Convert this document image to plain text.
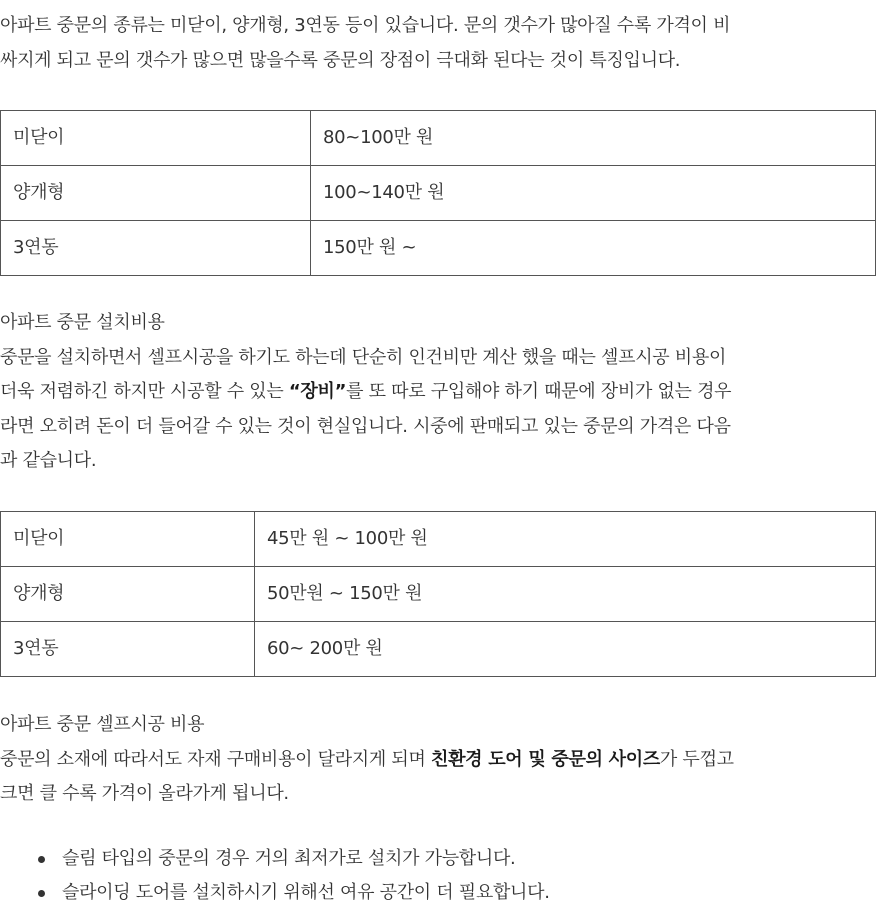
아파트 중문의 종류는 미닫이, 양개형, 3연동 등이 있습니다. 문의 갯수가 많아질 수록 가격이 비

싸지게 되고 문의 갯수가 많으면 많을수록 중문의 장점이 극대화 된다는 것이 특징입니다.

미닫이	80~100만 원
양개형	100~140만 원
3연동	150만 원 ~

아파트 중문 설치비용

중문을 설치하면서 셀프시공을 하기도 하는데 단순히 인건비만 계산 했을 때는 셀프시공 비용이

더욱 저렴하긴 하지만 시공할 수 있는 “장비”를 또 따로 구입해야 하기 때문에 장비가 없는 경우

라면 오히려 돈이 더 들어갈 수 있는 것이 현실입니다. 시중에 판매되고 있는 중문의 가격은 다음

과 같습니다.

미닫이	45만 원 ~ 100만 원
양개형	50만원 ~ 150만 원
3연동	60~ 200만 원

아파트 중문 셀프시공 비용

중문의 소재에 따라서도 자재 구매비용이 달라지게 되며 친환경 도어 및 중문의 사이즈가 두껍고

크면 클 수록 가격이 올라가게 됩니다.

슬림 타입의 중문의 경우 거의 최저가로 설치가 가능합니다.
슬라이딩 도어를 설치하시기 위해선 여유 공간이 더 필요합니다.
